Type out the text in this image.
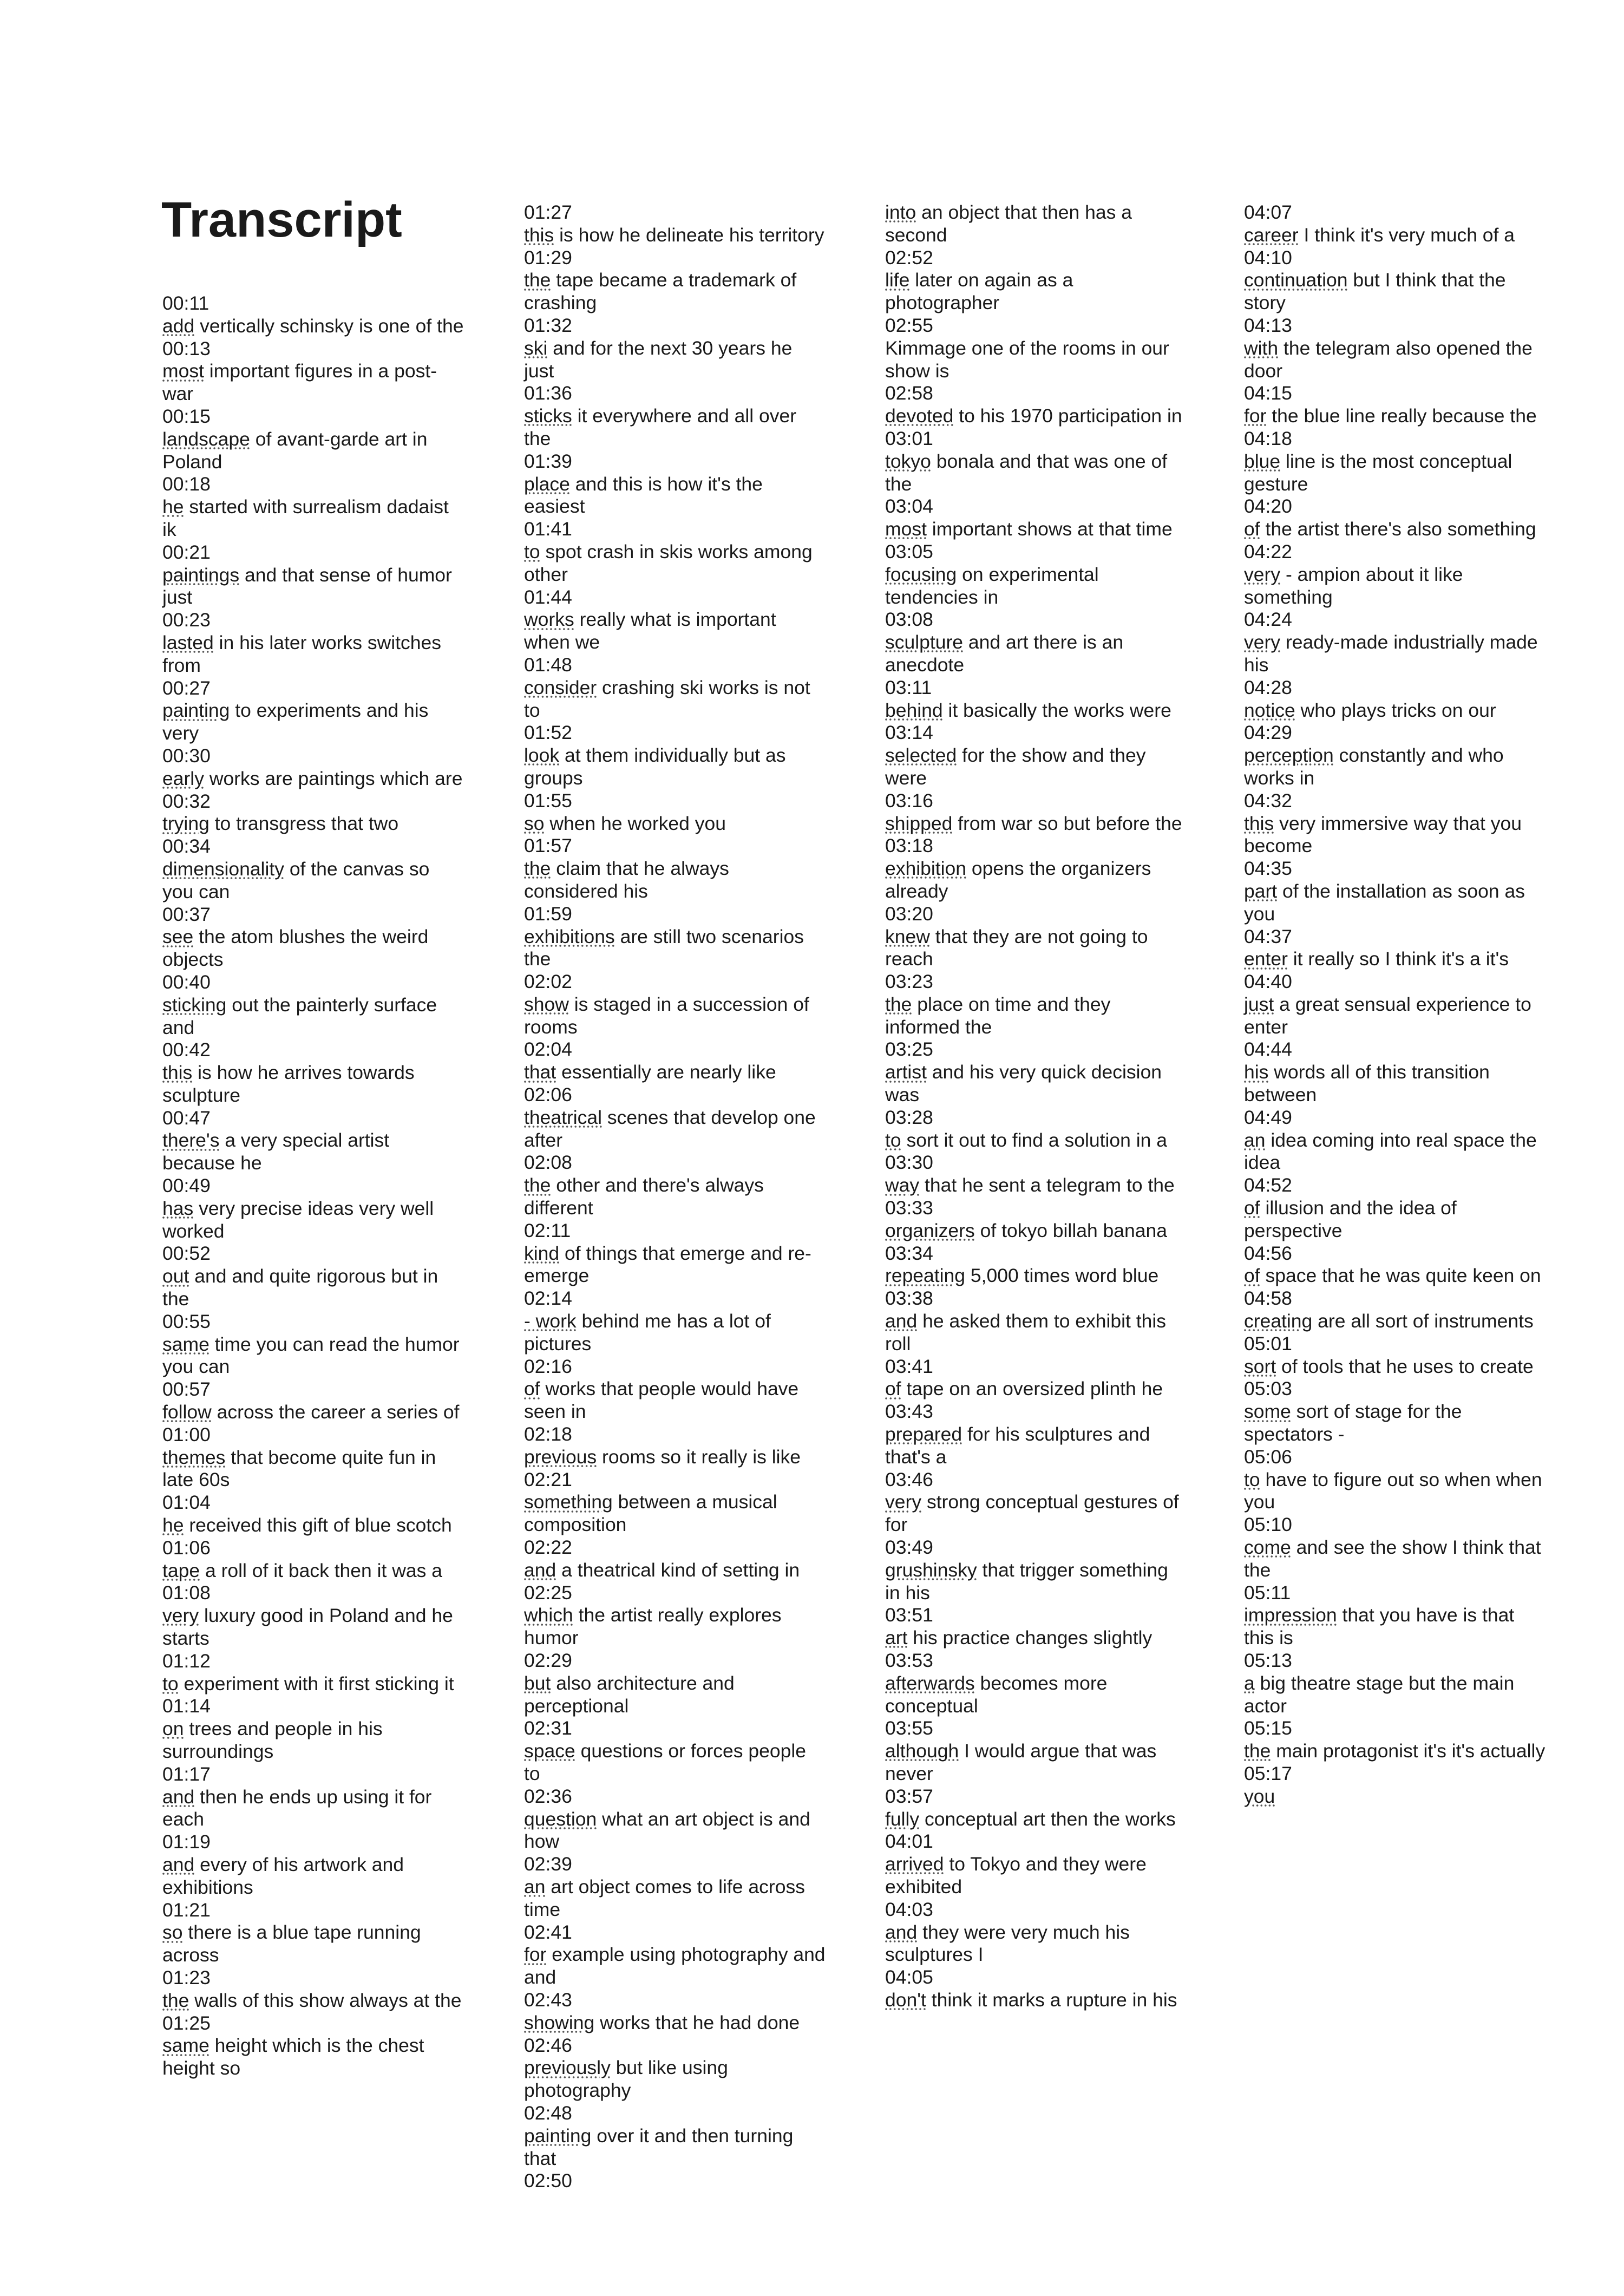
Transcript
00:11
add vertically schinsky is one of the
00:13
most important figures in a post-war
00:15
landscape of avant-garde art in Poland
00:18
he started with surrealism dadaist ik
00:21
paintings and that sense of humor just
00:23
lasted in his later works switches from
00:27
painting to experiments and his very
00:30
early works are paintings which are
00:32
trying to transgress that two
00:34
dimensionality of the canvas so you can
00:37
see the atom blushes the weird objects
00:40
sticking out the painterly surface and
00:42
this is how he arrives towards sculpture
00:47
there's a very special artist because he
00:49
has very precise ideas very well worked
00:52
out and and quite rigorous but in the
00:55
same time you can read the humor you can
00:57
follow across the career a series of
01:00
themes that become quite fun in late 60s
01:04
he received this gift of blue scotch
01:06
tape a roll of it back then it was a
01:08
very luxury good in Poland and he starts
01:12
to experiment with it first sticking it
01:14
on trees and people in his surroundings
01:17
and then he ends up using it for each
01:19
and every of his artwork and exhibitions
01:21
so there is a blue tape running across
01:23
the walls of this show always at the
01:25
same height which is the chest height so
01:27
this is how he delineate his territory
01:29
the tape became a trademark of crashing
01:32
ski and for the next 30 years he just
01:36
sticks it everywhere and all over the
01:39
place and this is how it's the easiest
01:41
to spot crash in skis works among other
01:44
works really what is important when we
01:48
consider crashing ski works is not to
01:52
look at them individually but as groups
01:55
so when he worked you
01:57
the claim that he always considered his
01:59
exhibitions are still two scenarios the
02:02
show is staged in a succession of rooms
02:04
that essentially are nearly like
02:06
theatrical scenes that develop one after
02:08
the other and there's always different
02:11
kind of things that emerge and re-emerge
02:14
- work behind me has a lot of pictures
02:16
of works that people would have seen in
02:18
previous rooms so it really is like
02:21
something between a musical composition
02:22
and a theatrical kind of setting in
02:25
which the artist really explores humor
02:29
but also architecture and perceptional
02:31
space questions or forces people to
02:36
question what an art object is and how
02:39
an art object comes to life across time
02:41
for example using photography and and
02:43
showing works that he had done
02:46
previously but like using photography
02:48
painting over it and then turning that
02:50
into an object that then has a second
02:52
life later on again as a photographer
02:55
Kimmage one of the rooms in our show is
02:58
devoted to his 1970 participation in
03:01
tokyo bonala and that was one of the
03:04
most important shows at that time
03:05
focusing on experimental tendencies in
03:08
sculpture and art there is an anecdote
03:11
behind it basically the works were
03:14
selected for the show and they were
03:16
shipped from war so but before the
03:18
exhibition opens the organizers already
03:20
knew that they are not going to reach
03:23
the place on time and they informed the
03:25
artist and his very quick decision was
03:28
to sort it out to find a solution in a
03:30
way that he sent a telegram to the
03:33
organizers of tokyo billah banana
03:34
repeating 5,000 times word blue
03:38
and he asked them to exhibit this roll
03:41
of tape on an oversized plinth he
03:43
prepared for his sculptures and that's a
03:46
very strong conceptual gestures of for
03:49
grushinsky that trigger something in his
03:51
art his practice changes slightly
03:53
afterwards becomes more conceptual
03:55
although I would argue that was never
03:57
fully conceptual art then the works
04:01
arrived to Tokyo and they were exhibited
04:03
and they were very much his sculptures I
04:05
don't think it marks a rupture in his
04:07
career I think it's very much of a
04:10
continuation but I think that the story
04:13
with the telegram also opened the door
04:15
for the blue line really because the
04:18
blue line is the most conceptual gesture
04:20
of the artist there's also something
04:22
very - ampion about it like something
04:24
very ready-made industrially made his
04:28
notice who plays tricks on our
04:29
perception constantly and who works in
04:32
this very immersive way that you become
04:35
part of the installation as soon as you
04:37
enter it really so I think it's a it's
04:40
just a great sensual experience to enter
04:44
his words all of this transition between
04:49
an idea coming into real space the idea
04:52
of illusion and the idea of perspective
04:56
of space that he was quite keen on
04:58
creating are all sort of instruments
05:01
sort of tools that he uses to create
05:03
some sort of stage for the spectators -
05:06
to have to figure out so when when you
05:10
come and see the show I think that the
05:11
impression that you have is that this is
05:13
a big theatre stage but the main actor
05:15
the main protagonist it's it's actually
05:17
you
